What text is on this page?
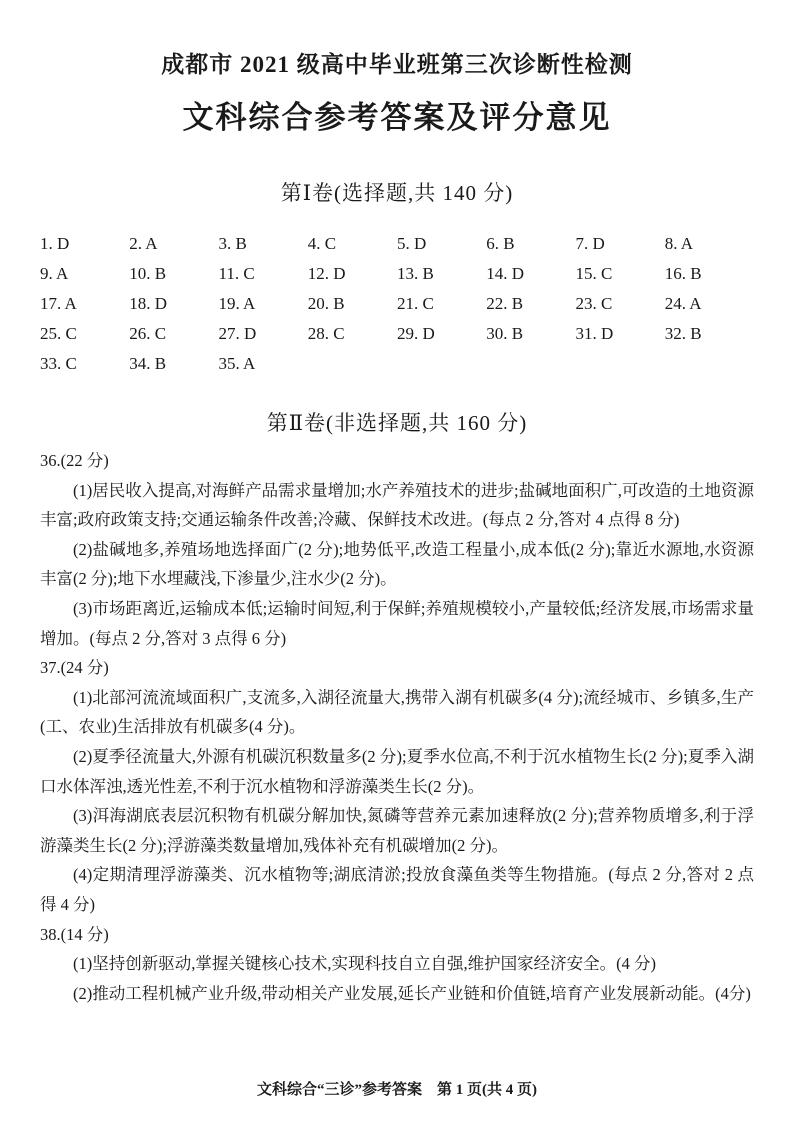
成都市 2021 级高中毕业班第三次诊断性检测
文科综合参考答案及评分意见
第Ⅰ卷(选择题,共 140 分)
1. D	2. A	3. B	4. C	5. D	6. B	7. D	8. A
9. A	10. B	11. C	12. D	13. B	14. D	15. C	16. B
17. A	18. D	19. A	20. B	21. C	22. B	23. C	24. A
25. C	26. C	27. D	28. C	29. D	30. B	31. D	32. B
33. C	34. B	35. A
第Ⅱ卷(非选择题,共 160 分)

36.(22 分)

(1)居民收入提高,对海鲜产品需求量增加;水产养殖技术的进步;盐碱地面积广,可改造的土地资源丰富;政府政策支持;交通运输条件改善;冷藏、保鲜技术改进。(每点 2 分,答对 4 点得 8 分)

(2)盐碱地多,养殖场地选择面广(2 分);地势低平,改造工程量小,成本低(2 分);靠近水源地,水资源丰富(2 分);地下水埋藏浅,下渗量少,注水少(2 分)。

(3)市场距离近,运输成本低;运输时间短,利于保鲜;养殖规模较小,产量较低;经济发展,市场需求量增加。(每点 2 分,答对 3 点得 6 分)

37.(24 分)

(1)北部河流流域面积广,支流多,入湖径流量大,携带入湖有机碳多(4 分);流经城市、乡镇多,生产(工、农业)生活排放有机碳多(4 分)。

(2)夏季径流量大,外源有机碳沉积数量多(2 分);夏季水位高,不利于沉水植物生长(2 分);夏季入湖口水体浑浊,透光性差,不利于沉水植物和浮游藻类生长(2 分)。

(3)洱海湖底表层沉积物有机碳分解加快,氮磷等营养元素加速释放(2 分);营养物质增多,利于浮游藻类生长(2 分);浮游藻类数量增加,残体补充有机碳增加(2 分)。

(4)定期清理浮游藻类、沉水植物等;湖底清淤;投放食藻鱼类等生物措施。(每点 2 分,答对 2 点得 4 分)

38.(14 分)

(1)坚持创新驱动,掌握关键核心技术,实现科技自立自强,维护国家经济安全。(4 分)

(2)推动工程机械产业升级,带动相关产业发展,延长产业链和价值链,培育产业发展新动能。(4分)

文科综合“三诊”参考答案　第 1 页(共 4 页)
